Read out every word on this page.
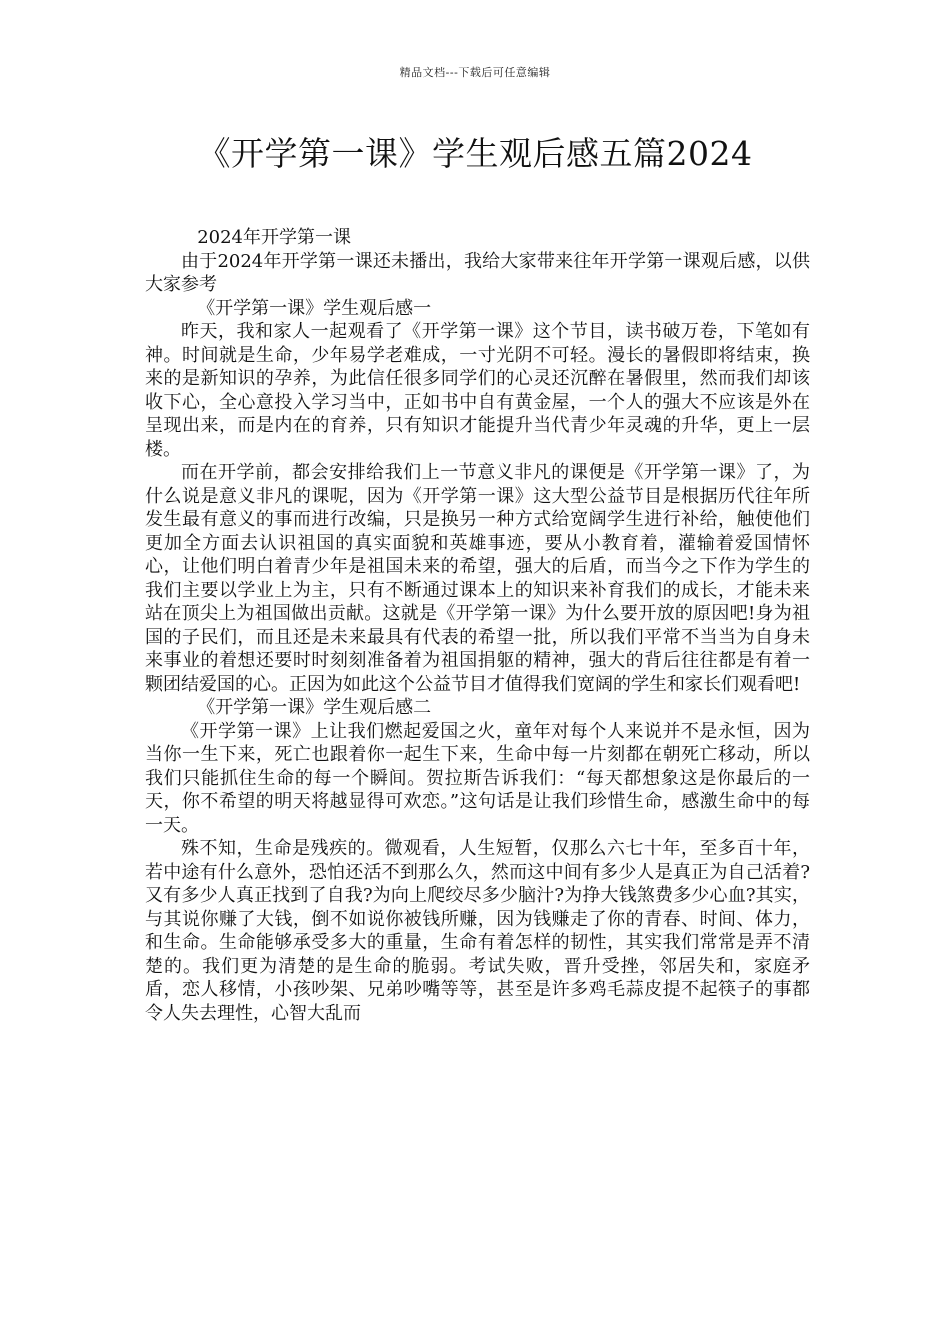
精品文档---下载后可任意编辑
《开学第一课》学生观后感五篇2024

2024年开学第一课

由于2024年开学第一课还未播出，我给大家带来往年开学第一课观后感，以供大家参考

《开学第一课》学生观后感一

昨天，我和家人一起观看了《开学第一课》这个节目，读书破万卷，下笔如有神。时间就是生命，少年易学老难成，一寸光阴不可轻。漫长的暑假即将结束，换来的是新知识的孕养，为此信任很多同学们的心灵还沉醉在暑假里，然而我们却该收下心，全心意投入学习当中，正如书中自有黄金屋，一个人的强大不应该是外在呈现出来，而是内在的育养，只有知识才能提升当代青少年灵魂的升华，更上一层楼。

而在开学前，都会安排给我们上一节意义非凡的课便是《开学第一课》了，为什么说是意义非凡的课呢，因为《开学第一课》这大型公益节目是根据历代往年所发生最有意义的事而进行改编，只是换另一种方式给宽阔学生进行补给，触使他们更加全方面去认识祖国的真实面貌和英雄事迹，要从小教育着，灌输着爱国情怀心，让他们明白着青少年是祖国未来的希望，强大的后盾，而当今之下作为学生的我们主要以学业上为主，只有不断通过课本上的知识来补育我们的成长，才能未来站在顶尖上为祖国做出贡献。这就是《开学第一课》为什么要开放的原因吧!身为祖国的子民们，而且还是未来最具有代表的希望一批，所以我们平常不当当为自身未来事业的着想还要时时刻刻准备着为祖国捐躯的精神，强大的背后往往都是有着一颗团结爱国的心。正因为如此这个公益节目才值得我们宽阔的学生和家长们观看吧!

《开学第一课》学生观后感二

《开学第一课》上让我们燃起爱国之火，童年对每个人来说并不是永恒，因为当你一生下来，死亡也跟着你一起生下来，生命中每一片刻都在朝死亡移动，所以我们只能抓住生命的每一个瞬间。贺拉斯告诉我们：“每天都想象这是你最后的一天，你不希望的明天将越显得可欢恋。”这句话是让我们珍惜生命，感激生命中的每一天。

殊不知，生命是残疾的。微观看，人生短暂，仅那么六七十年，至多百十年，若中途有什么意外，恐怕还活不到那么久，然而这中间有多少人是真正为自己活着?又有多少人真正找到了自我?为向上爬绞尽多少脑汁?为挣大钱煞费多少心血?其实，与其说你赚了大钱，倒不如说你被钱所赚，因为钱赚走了你的青春、时间、体力，和生命。生命能够承受多大的重量，生命有着怎样的韧性，其实我们常常是弄不清楚的。我们更为清楚的是生命的脆弱。考试失败，晋升受挫，邻居失和，家庭矛盾，恋人移情，小孩吵架、兄弟吵嘴等等，甚至是许多鸡毛蒜皮提不起筷子的事都令人失去理性，心智大乱而
